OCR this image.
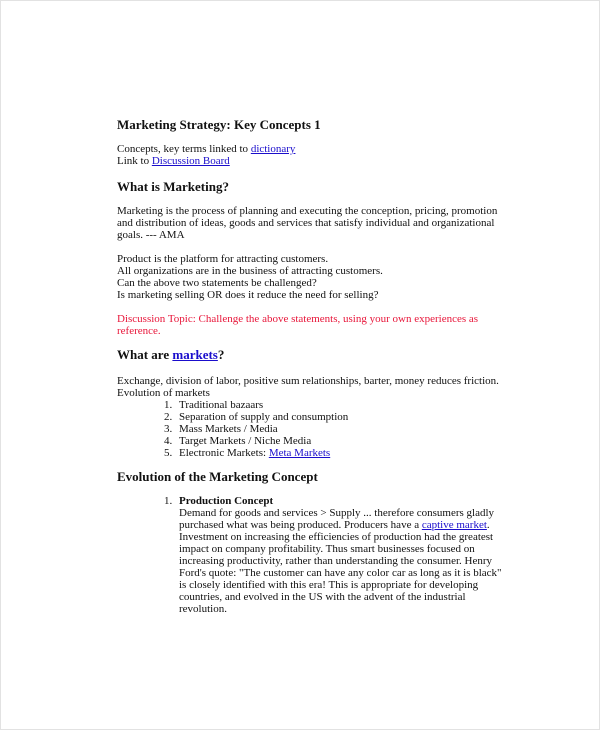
Marketing Strategy: Key Concepts 1
Concepts, key terms linked to dictionary
Link to Discussion Board
What is Marketing?
Marketing is the process of planning and executing the conception, pricing, promotion
and distribution of ideas, goods and services that satisfy individual and organizational
goals. --- AMA
Product is the platform for attracting customers.
All organizations are in the business of attracting customers.
Can the above two statements be challenged?
Is marketing selling OR does it reduce the need for selling?
Discussion Topic: Challenge the above statements, using your own experiences as
reference.
What are markets?
Exchange, division of labor, positive sum relationships, barter, money reduces friction.
Evolution of markets
1. Traditional bazaars
2. Separation of supply and consumption
3. Mass Markets / Media
4. Target Markets / Niche Media
5. Electronic Markets: Meta Markets
Evolution of the Marketing Concept
1. Production Concept
Demand for goods and services > Supply ... therefore consumers gladly
purchased what was being produced. Producers have a captive market.
Investment on increasing the efficiencies of production had the greatest
impact on company profitability. Thus smart businesses focused on
increasing productivity, rather than understanding the consumer. Henry
Ford's quote: "The customer can have any color car as long as it is black"
is closely identified with this era! This is appropriate for developing
countries, and evolved in the US with the advent of the industrial
revolution.
